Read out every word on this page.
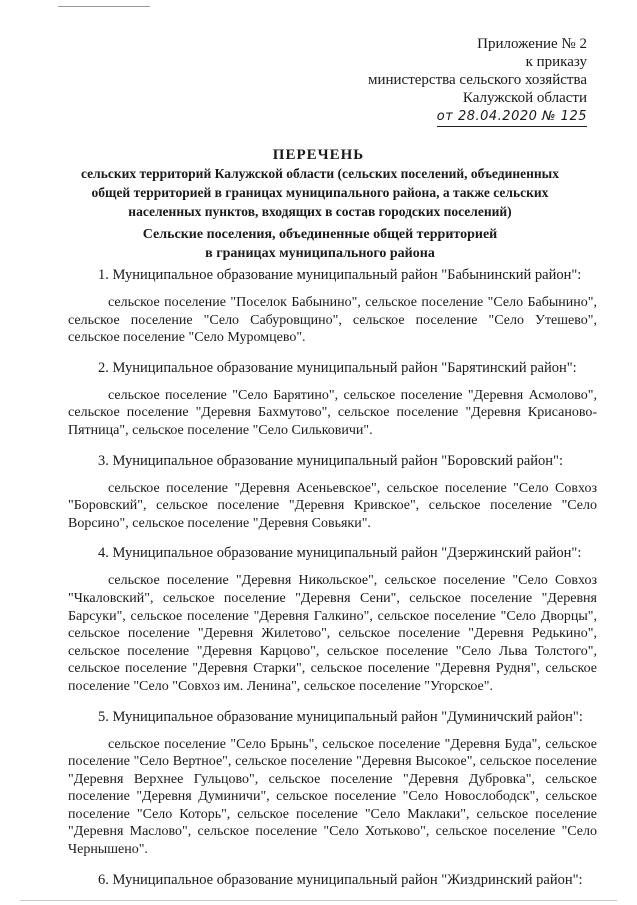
Приложение № 2
к приказу
министерства сельского хозяйства
Калужской области
от 28.04.2020 № 125
ПЕРЕЧЕНЬ
сельских территорий Калужской области (сельских поселений, объединенных общей территорией в границах муниципального района, а также сельских населенных пунктов, входящих в состав городских поселений)
Сельские поселения, объединенные общей территорией
в границах муниципального района

1. Муниципальное образование муниципальный район "Бабынинский район":

сельское поселение "Поселок Бабынино", сельское поселение "Село Бабынино", сельское поселение "Село Сабуровщино", сельское поселение "Село Утешево", сельское поселение "Село Муромцево".

2. Муниципальное образование муниципальный район "Барятинский район":

сельское поселение "Село Барятино", сельское поселение "Деревня Асмолово", сельское поселение "Деревня Бахмутово", сельское поселение "Деревня Крисаново-Пятница", сельское поселение "Село Сильковичи".

3. Муниципальное образование муниципальный район "Боровский район":

сельское поселение "Деревня Асеньевское", сельское поселение "Село Совхоз "Боровский", сельское поселение "Деревня Кривское", сельское поселение "Село Ворсино", сельское поселение "Деревня Совьяки".

4. Муниципальное образование муниципальный район "Дзержинский район":

сельское поселение "Деревня Никольское", сельское поселение "Село Совхоз "Чкаловский", сельское поселение "Деревня Сени", сельское поселение "Деревня Барсуки", сельское поселение "Деревня Галкино", сельское поселение "Село Дворцы", сельское поселение "Деревня Жилетово", сельское поселение "Деревня Редькино", сельское поселение "Деревня Карцово", сельское поселение "Село Льва Толстого", сельское поселение "Деревня Старки", сельское поселение "Деревня Рудня", сельское поселение "Село "Совхоз им. Ленина", сельское поселение "Угорское".

5. Муниципальное образование муниципальный район "Думиничский район":

сельское поселение "Село Брынь", сельское поселение "Деревня Буда", сельское поселение "Село Вертное", сельское поселение "Деревня Высокое", сельское поселение "Деревня Верхнее Гульцово", сельское поселение "Деревня Дубровка", сельское поселение "Деревня Думиничи", сельское поселение "Село Новослободск", сельское поселение "Село Которь", сельское поселение "Село Маклаки", сельское поселение "Деревня Маслово", сельское поселение "Село Хотьково", сельское поселение "Село Чернышено".

6. Муниципальное образование муниципальный район "Жиздринский район":
